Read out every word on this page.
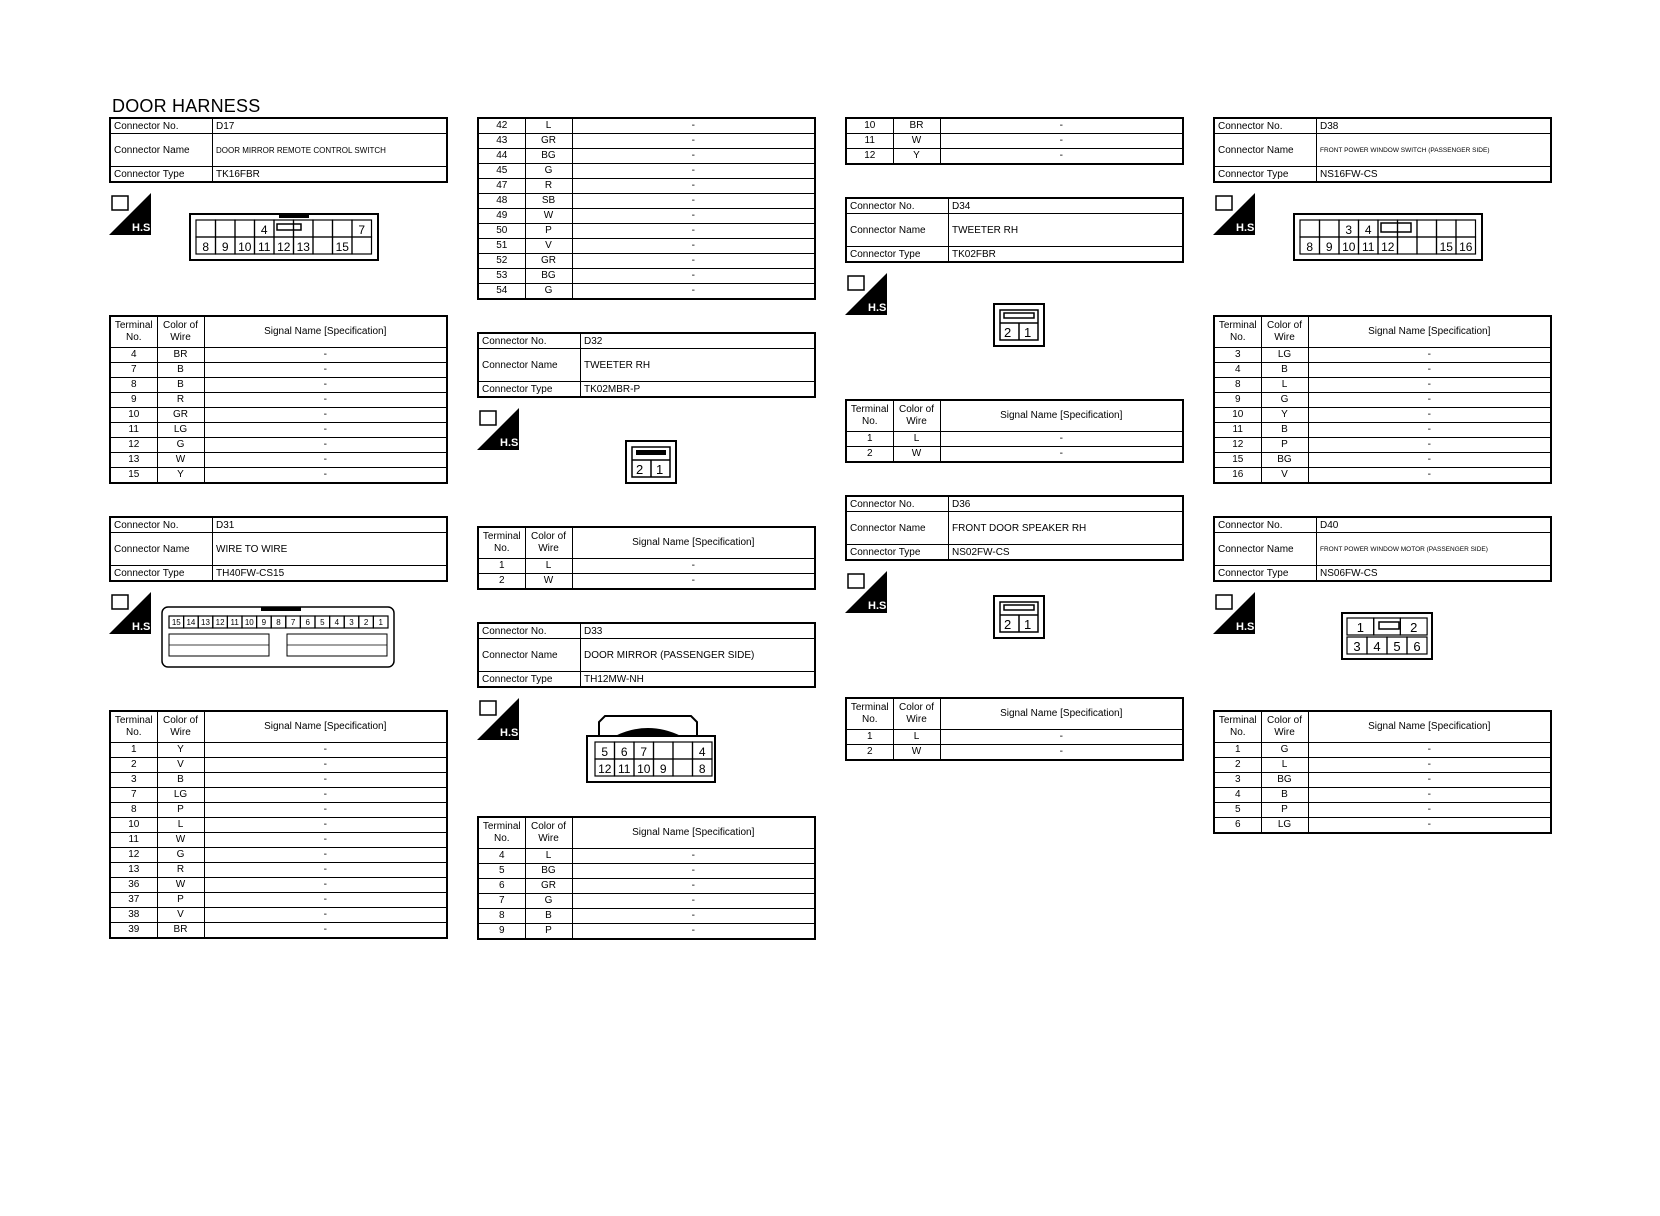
DOOR HARNESS
Connector No.	D17
Connector Name	DOOR MIRROR REMOTE CONTROL SWITCH
Connector Type	TK16FBR
H.S.	4	7
8 9 10 11 12 13 15
Terminal No.	Color of Wire	Signal Name [Specification]
4	BR	-
7	B	-
8	B	-
9	R	-
10	GR	-
11	LG	-
12	G	-
13	W	-
15	Y	-
Connector No.	D31
Connector Name	WIRE TO WIRE
Connector Type	TH40FW-CS15
H.S. 15 14 13 12 11 10 9 8 7 6 5 4 3 2 1
Terminal No.	Color of Wire	Signal Name [Specification]
1	Y	-
2	V	-
3	B	-
7	LG	-
8	P	-
10	L	-
11	W	-
12	G	-
13	R	-
36	W	-
37	P	-
38	V	-
39	BR	-
42	L	-
43	GR	-
44	BG	-
45	G	-
47	R	-
48	SB	-
49	W	-
50	P	-
51	V	-
52	GR	-
53	BG	-
54	G	-
Connector No.	D32
Connector Name	TWEETER RH
Connector Type	TK02MBR-P
H.S.
2 1
Terminal No.	Color of Wire	Signal Name [Specification]
1	L	-
2	W	-
Connector No.	D33
Connector Name	DOOR MIRROR (PASSENGER SIDE)
Connector Type	TH12MW-NH
H.S.
5 6 7	4
12 11 10 9	8
Terminal No.	Color of Wire	Signal Name [Specification]
4	L	-
5	BG	-
6	GR	-
7	G	-
8	B	-
9	P	-
10	BR	-
11	W	-
12	Y	-
Connector No.	D34
Connector Name	TWEETER RH
Connector Type	TK02FBR
H.S.
2 1
Terminal No.	Color of Wire	Signal Name [Specification]
1	L	-
2	W	-
Connector No.	D36
Connector Name	FRONT DOOR SPEAKER RH
Connector Type	NS02FW-CS
H.S.
2 1
Terminal No.	Color of Wire	Signal Name [Specification]
1	L	-
2	W	-
Connector No.	D38
Connector Name	FRONT POWER WINDOW SWITCH (PASSENGER SIDE)
Connector Type	NS16FW-CS
H.S.	3 4
8 9 10 11 12	15 16
Terminal No.	Color of Wire	Signal Name [Specification]
3	LG	-
4	B	-
8	L	-
9	G	-
10	Y	-
11	B	-
12	P	-
15	BG	-
16	V	-
Connector No.	D40
Connector Name	FRONT POWER WINDOW MOTOR (PASSENGER SIDE)
Connector Type	NS06FW-CS
H.S.	1	2
3 4 5 6
Terminal No.	Color of Wire	Signal Name [Specification]
1	G	-
2	L	-
3	BG	-
4	B	-
5	P	-
6	LG	-
